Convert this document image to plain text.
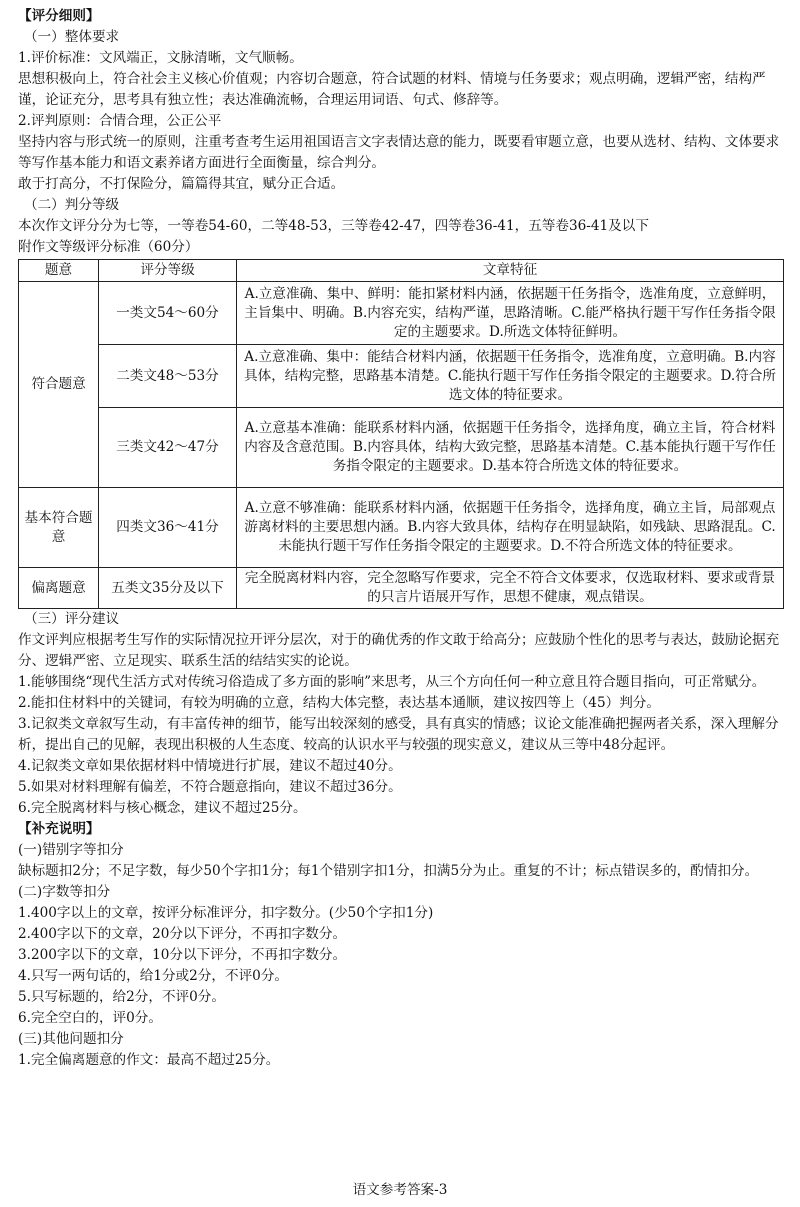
【评分细则】

（一）整体要求

1.评价标准：文风端正，文脉清晰，文气顺畅。

思想积极向上，符合社会主义核心价值观；内容切合题意，符合试题的材料、情境与任务要求；观点明确，逻辑严密，结构严谨，论证充分，思考具有独立性；表达准确流畅，合理运用词语、句式、修辞等。

2.评判原则：合情合理，公正公平

坚持内容与形式统一的原则，注重考查考生运用祖国语言文字表情达意的能力，既要看审题立意，也要从选材、结构、文体要求等写作基本能力和语文素养诸方面进行全面衡量，综合判分。

敢于打高分，不打保险分，篇篇得其宜，赋分正合适。

（二）判分等级

本次作文评分分为七等，一等卷54-60，二等48-53，三等卷42-47，四等卷36-41，五等卷36-41及以下

附作文等级评分标准（60分）

题意	评分等级	文章特征
符合题意	一类文54～60分	A.立意准确、集中、鲜明：能扣紧材料内涵，依据题干任务指令，选准角度，立意鲜明，主旨集中、明确。B.内容充实，结构严谨，思路清晰。C.能严格执行题干写作任务指令限定的主题要求。D.所选文体特征鲜明。
	二类文48～53分	A.立意准确、集中：能结合材料内涵，依据题干任务指令，选准角度，立意明确。B.内容具体，结构完整，思路基本清楚。C.能执行题干写作任务指令限定的主题要求。D.符合所选文体的特征要求。
	三类文42～47分	A.立意基本准确：能联系材料内涵，依据题干任务指令，选择角度，确立主旨，符合材料内容及含意范围。B.内容具体，结构大致完整，思路基本清楚。C.基本能执行题干写作任务指令限定的主题要求。D.基本符合所选文体的特征要求。
基本符合题意	四类文36～41分	A.立意不够准确：能联系材料内涵，依据题干任务指令，选择角度，确立主旨，局部观点游离材料的主要思想内涵。B.内容大致具体，结构存在明显缺陷，如残缺、思路混乱。C.未能执行题干写作任务指令限定的主题要求。D.不符合所选文体的特征要求。
偏离题意	五类文35分及以下	完全脱离材料内容，完全忽略写作要求，完全不符合文体要求，仅选取材料、要求或背景的只言片语展开写作，思想不健康，观点错误。

（三）评分建议

作文评判应根据考生写作的实际情况拉开评分层次，对于的确优秀的作文敢于给高分；应鼓励个性化的思考与表达，鼓励论据充分、逻辑严密、立足现实、联系生活的结结实实的论说。

1.能够围绕“现代生活方式对传统习俗造成了多方面的影响”来思考，从三个方向任何一种立意且符合题目指向，可正常赋分。

2.能扣住材料中的关键词，有较为明确的立意，结构大体完整，表达基本通顺，建议按四等上（45）判分。

3.记叙类文章叙写生动，有丰富传神的细节，能写出较深刻的感受，具有真实的情感；议论文能准确把握两者关系，深入理解分析，提出自己的见解，表现出积极的人生态度、较高的认识水平与较强的现实意义，建议从三等中48分起评。

4.记叙类文章如果依据材料中情境进行扩展，建议不超过40分。

5.如果对材料理解有偏差，不符合题意指向，建议不超过36分。

6.完全脱离材料与核心概念，建议不超过25分。

【补充说明】

(一)错别字等扣分

缺标题扣2分；不足字数，每少50个字扣1分；每1个错别字扣1分，扣满5分为止。重复的不计；标点错误多的，酌情扣分。

(二)字数等扣分

1.400字以上的文章，按评分标准评分，扣字数分。(少50个字扣1分)

2.400字以下的文章，20分以下评分，不再扣字数分。

3.200字以下的文章，10分以下评分，不再扣字数分。

4.只写一两句话的，给1分或2分，不评0分。

5.只写标题的，给2分，不评0分。

6.完全空白的，评0分。

(三)其他问题扣分

1.完全偏离题意的作文：最高不超过25分。

语文参考答案-3
